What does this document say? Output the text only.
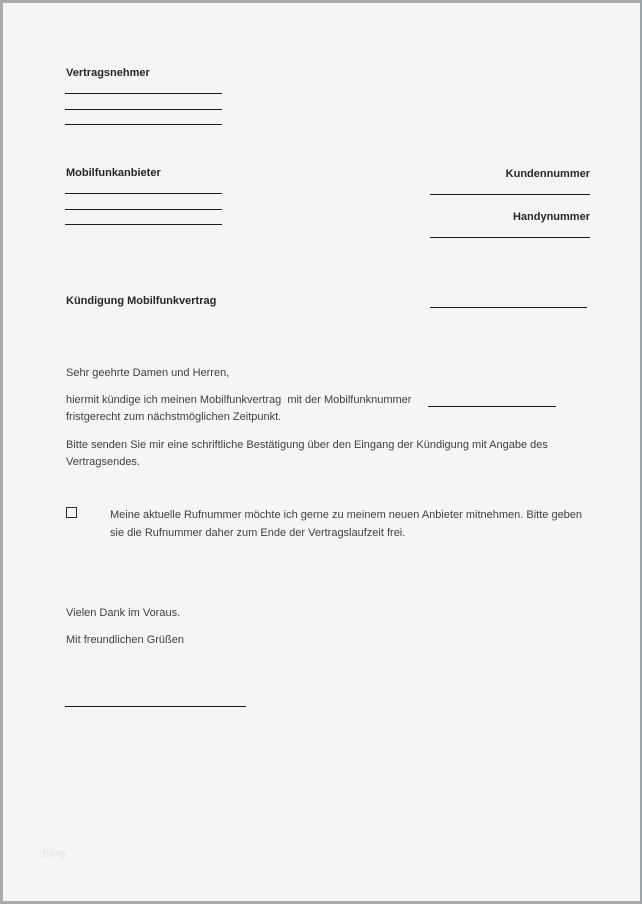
Vertragsnehmer
Mobilfunkanbieter	Kundennummer
Handynummer
Kündigung Mobilfunkvertrag
Sehr geehrte Damen und Herren,
hiermit kündige ich meinen Mobilfunkvertrag  mit der Mobilfunknummer
fristgerecht zum nächstmöglichen Zeitpunkt.
Bitte senden Sie mir eine schriftliche Bestätigung über den Eingang der Kündigung mit Angabe des
Vertragsendes.
Meine aktuelle Rufnummer möchte ich gerne zu meinem neuen Anbieter mitnehmen. Bitte geben
sie die Rufnummer daher zum Ende der Vertragslaufzeit frei.
Vielen Dank im Voraus.
Mit freundlichen Grüßen
blog
